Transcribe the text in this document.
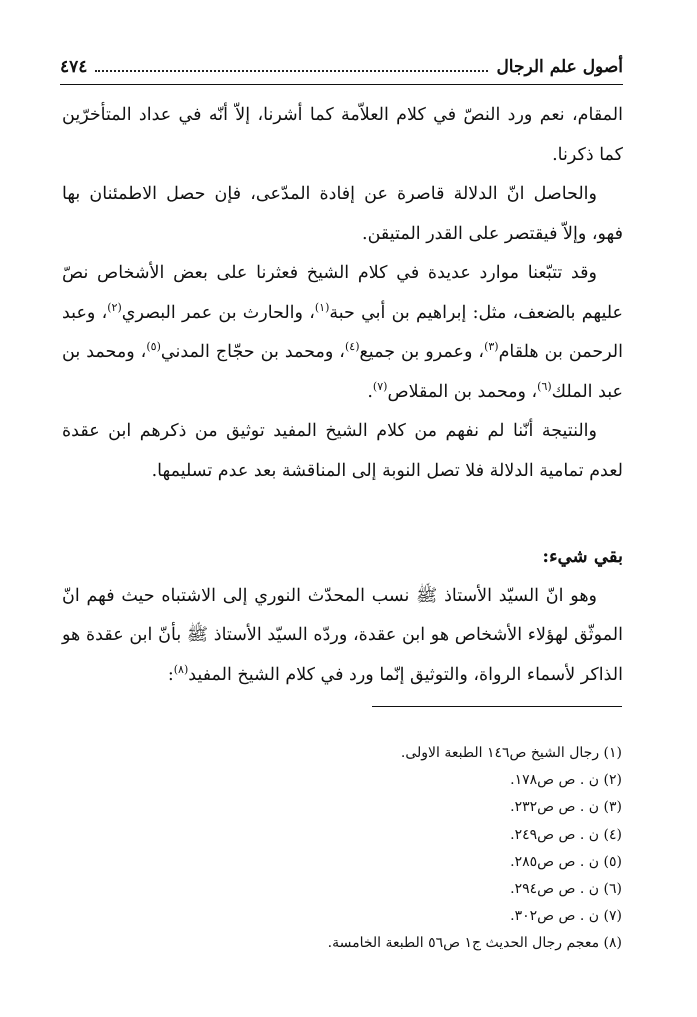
أصول علم الرجال
٤٧٤

المقام، نعم ورد النصّ في كلام العلاّمة كما أشرنا، إلاّ أنّه في عداد المتأخرّين كما ذكرنا.

والحاصل انّ الدلالة قاصرة عن إفادة المدّعى، فإن حصل الاطمئنان بها فهو، وإلاّ فيقتصر على القدر المتيقن.

وقد تتبّعنا موارد عديدة في كلام الشيخ فعثرنا على بعض الأشخاص نصّ عليهم بالضعف، مثل: إبراهيم بن أبي حبة$^{(١)}$، والحارث بن عمر البصري$^{(٢)}$، وعبد الرحمن بن هلقام$^{(٣)}$، وعمرو بن جميع$^{(٤)}$، ومحمد بن حجّاج المدني$^{(٥)}$، ومحمد بن عبد الملك$^{(٦)}$، ومحمد بن المقلاص$^{(٧)}$.

والنتيجة أنّنا لم نفهم من كلام الشيخ المفيد توثيق من ذكرهم ابن عقدة لعدم تمامية الدلالة فلا تصل النوبة إلى المناقشة بعد عدم تسليمها.

بقي شيء:

وهو انّ السيّد الأستاذ ﷺ نسب المحدّث النوري إلى الاشتباه حيث فهم انّ الموثّق لهؤلاء الأشخاص هو ابن عقدة، وردّه السيّد الأستاذ ﷺ بأنّ ابن عقدة هو الذاكر لأسماء الرواة، والتوثيق إنّما ورد في كلام الشيخ المفيد$^{(٨)}$:

(١) رجال الشيخ ص١٤٦ الطبعة الاولى.
(٢) ن . ص ص١٧٨.
(٣) ن . ص ص٢٣٢.
(٤) ن . ص ص٢٤٩.
(٥) ن . ص ص٢٨٥.
(٦) ن . ص ص٢٩٤.
(٧) ن . ص ص٣٠٢.
(٨) معجم رجال الحديث ج١ ص٥٦ الطبعة الخامسة.
